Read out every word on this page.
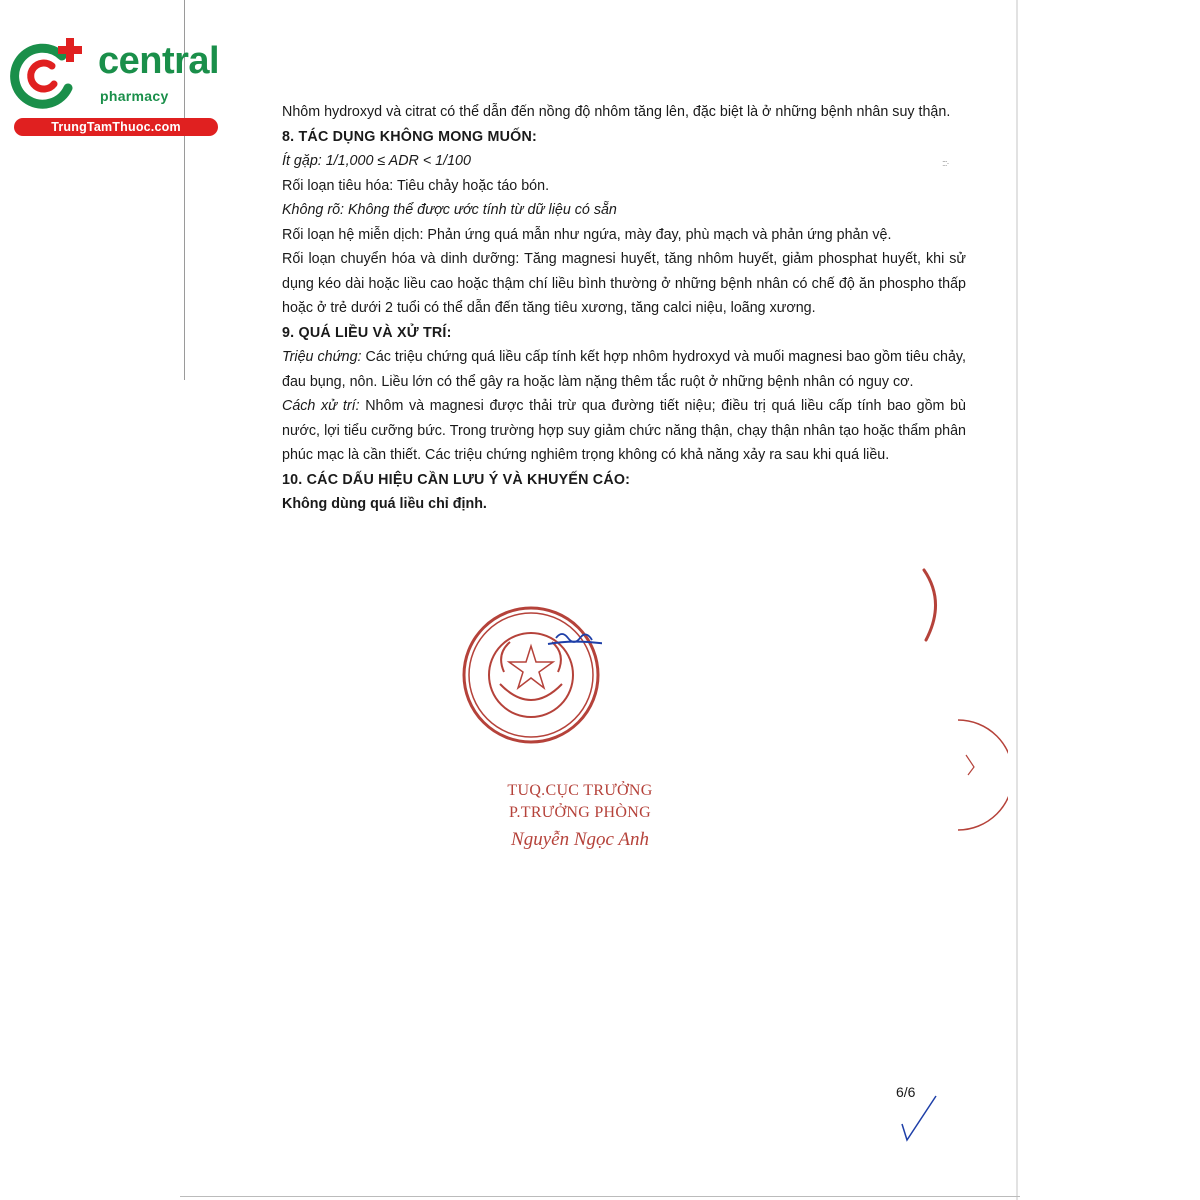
central
pharmacy
TrungTamThuoc.com
:::·

Nhôm hydroxyd và citrat có thể dẫn đến nồng độ nhôm tăng lên, đặc biệt là ở những bệnh nhân suy thận.

8. TÁC DỤNG KHÔNG MONG MUỐN:

Ít gặp: 1/1,000 ≤ ADR < 1/100

Rối loạn tiêu hóa: Tiêu chảy hoặc táo bón.

Không rõ: Không thể được ước tính từ dữ liệu có sẵn

Rối loạn hệ miễn dịch: Phản ứng quá mẫn như ngứa, mày đay, phù mạch và phản ứng phản vệ.

Rối loạn chuyển hóa và dinh dưỡng: Tăng magnesi huyết, tăng nhôm huyết, giảm phosphat huyết, khi sử dụng kéo dài hoặc liều cao hoặc thậm chí liều bình thường ở những bệnh nhân có chế độ ăn phospho thấp hoặc ở trẻ dưới 2 tuổi có thể dẫn đến tăng tiêu xương, tăng calci niệu, loãng xương.

9. QUÁ LIỀU VÀ XỬ TRÍ:

Triệu chứng: Các triệu chứng quá liều cấp tính kết hợp nhôm hydroxyd và muối magnesi bao gồm tiêu chảy, đau bụng, nôn. Liều lớn có thể gây ra hoặc làm nặng thêm tắc ruột ở những bệnh nhân có nguy cơ.

Cách xử trí: Nhôm và magnesi được thải trừ qua đường tiết niệu; điều trị quá liều cấp tính bao gồm bù nước, lợi tiểu cưỡng bức. Trong trường hợp suy giảm chức năng thận, chạy thận nhân tạo hoặc thẩm phân phúc mạc là cần thiết. Các triệu chứng nghiêm trọng không có khả năng xảy ra sau khi quá liều.

10. CÁC DẤU HIỆU CẦN LƯU Ý VÀ KHUYẾN CÁO:

Không dùng quá liều chỉ định.

TUQ.CỤC TRƯỞNG
P.TRƯỞNG PHÒNG
Nguyễn Ngọc Anh
6/6
